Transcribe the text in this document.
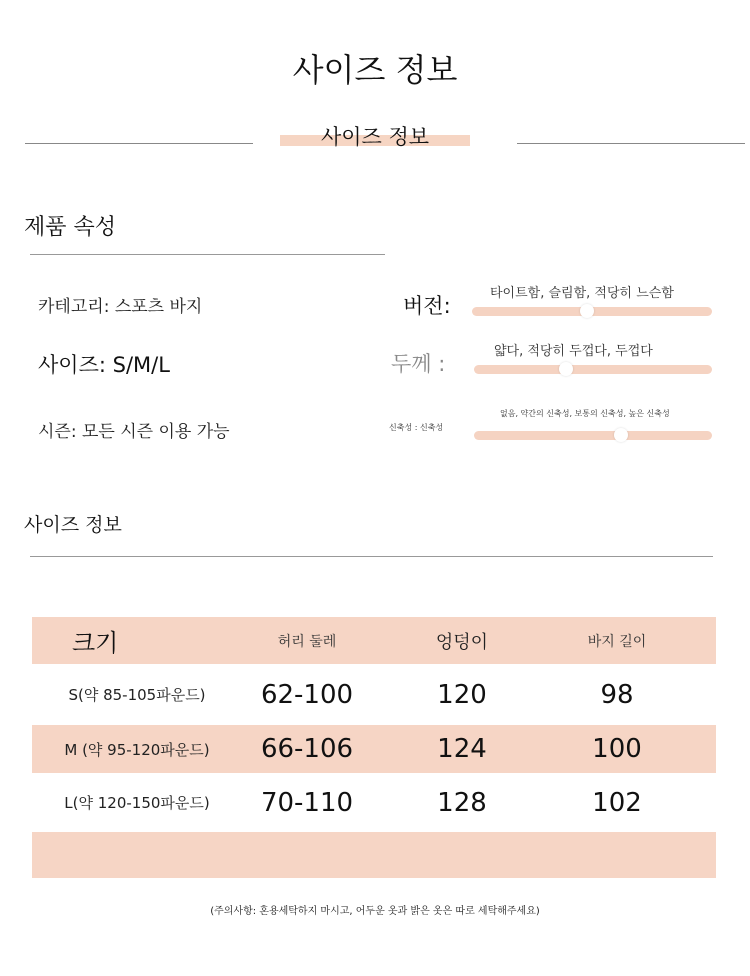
사이즈 정보
사이즈 정보
제품 속성
카테고리: 스포츠 바지
사이즈: S/M/L
시즌: 모든 시즌 이용 가능
버전:
타이트함, 슬림함, 적당히 느슨함
두께 :
얇다, 적당히 두껍다, 두껍다
신축성 : 신축성
없음, 약간의 신축성, 보통의 신축성, 높은 신축성
사이즈 정보
크기	허리 둘레	엉덩이	바지 길이
S(약 85-105파운드)	62-100	120	98
M (약 95-120파운드)	66-106	124	100
L(약 120-150파운드)	70-110	128	102
(주의사항: 혼용세탁하지 마시고, 어두운 옷과 밝은 옷은 따로 세탁해주세요)
